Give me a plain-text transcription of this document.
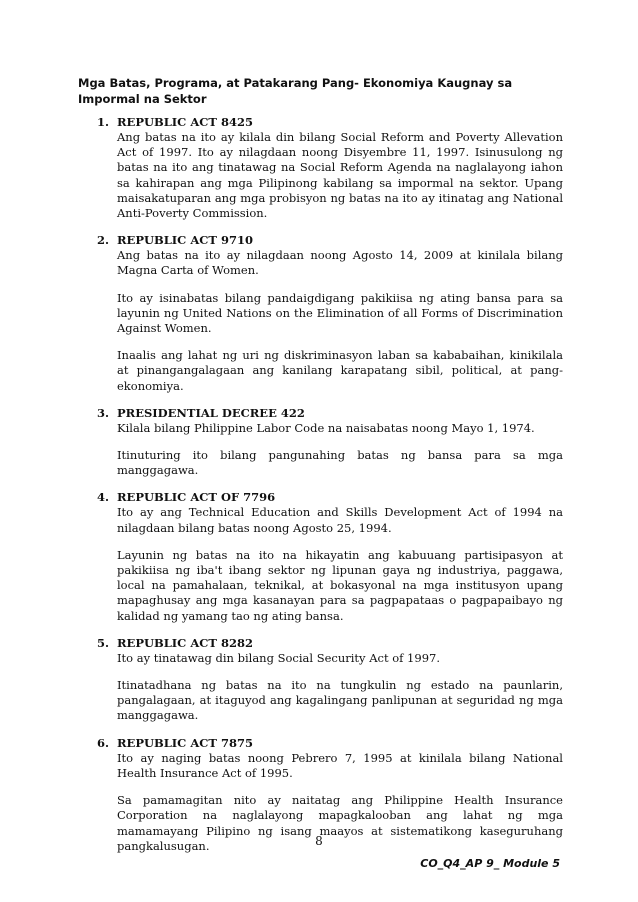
Mga Batas, Programa, at Patakarang Pang- Ekonomiya Kaugnay sa Impormal na Sektor
1. REPUBLIC ACT 8425

Ang batas na ito ay kilala din bilang Social Reform and Poverty Allevation Act of 1997. Ito ay nilagdaan noong Disyembre 11, 1997. Isinusulong ng batas na ito ang tinatawag na Social Reform Agenda na naglalayong iahon sa kahirapan ang mga Pilipinong kabilang sa impormal na sektor. Upang maisakatuparan ang mga probisyon ng batas na ito ay itinatag ang National Anti-Poverty Commission.

2. REPUBLIC ACT 9710

Ang batas na ito ay nilagdaan noong Agosto 14, 2009 at kinilala bilang Magna Carta of Women.

Ito ay isinabatas bilang pandaigdigang pakikiisa ng ating bansa para sa layunin ng United Nations on the Elimination of all Forms of Discrimination Against Women.

Inaalis ang lahat ng uri ng diskriminasyon laban sa kababaihan, kinikilala at pinangangalagaan ang kanilang karapatang sibil, political, at pang-ekonomiya.

3. PRESIDENTIAL DECREE 422

Kilala bilang Philippine Labor Code na naisabatas noong Mayo 1, 1974.

Itinuturing ito bilang pangunahing batas ng bansa para sa mga manggagawa.

4. REPUBLIC ACT OF 7796

Ito ay ang Technical Education and Skills Development Act of 1994 na nilagdaan bilang batas noong Agosto 25, 1994.

Layunin ng batas na ito na hikayatin ang kabuuang partisipasyon at pakikiisa ng iba't ibang sektor ng lipunan gaya ng industriya, paggawa, local na pamahalaan, teknikal, at bokasyonal na mga institusyon upang mapaghusay ang mga kasanayan para sa pagpapataas o pagpapaibayo ng kalidad ng yamang tao ng ating bansa.

5. REPUBLIC ACT 8282

Ito ay tinatawag din bilang Social Security Act of 1997.

Itinatadhana ng batas na ito na tungkulin ng estado na paunlarin, pangalagaan, at itaguyod ang kagalingang panlipunan at seguridad ng mga manggagawa.

6. REPUBLIC ACT 7875

Ito ay naging batas noong Pebrero 7, 1995 at kinilala bilang National Health Insurance Act of 1995.

Sa pamamagitan nito ay naitatag ang Philippine Health Insurance Corporation na naglalayong mapagkalooban ang lahat ng mga mamamayang Pilipino ng isang maayos at sistematikong kaseguruhang pangkalusugan.	8
CO_Q4_AP 9_ Module 5
